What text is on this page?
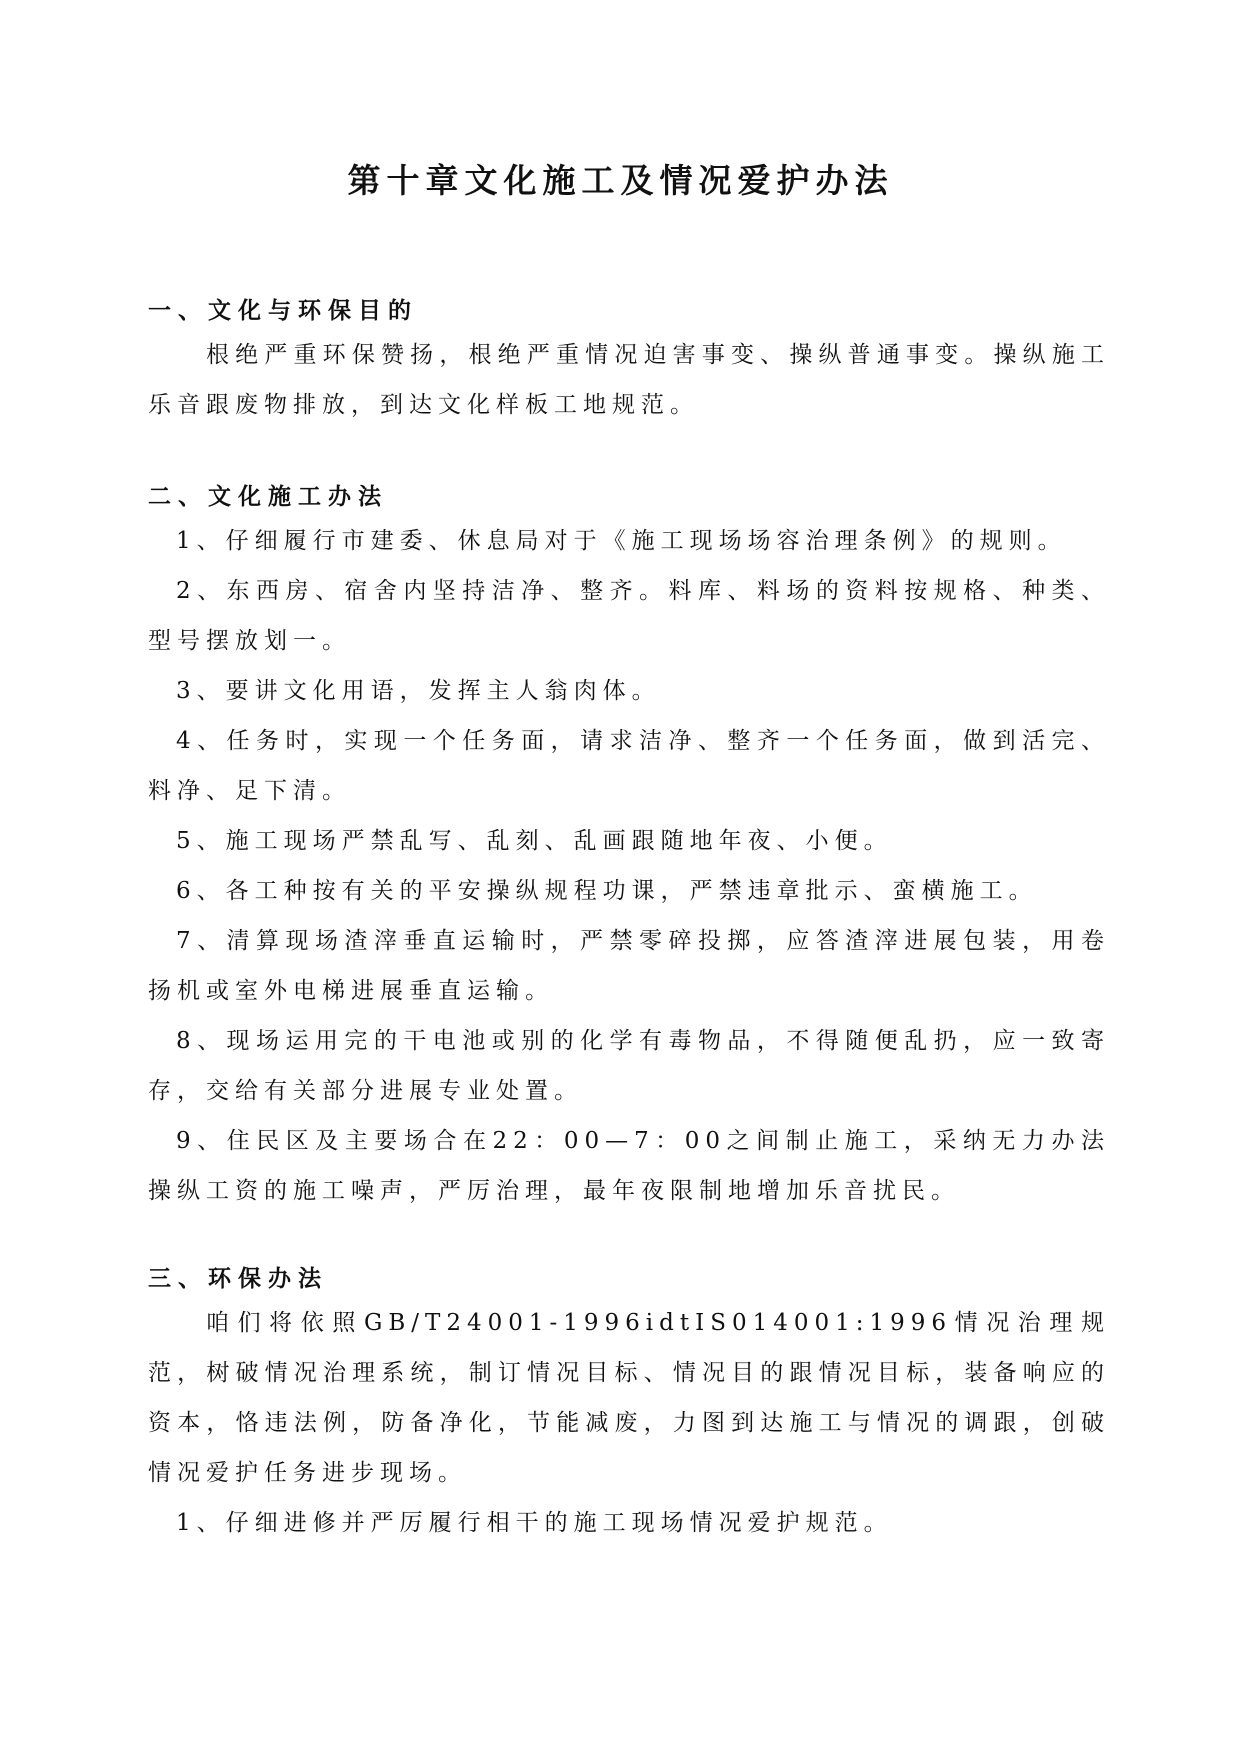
第十章文化施工及情况爱护办法

一、文化与环保目的

根绝严重环保赞扬，根绝严重情况迫害事变、操纵普通事变。操纵施工乐音跟废物排放，到达文化样板工地规范。

二、文化施工办法

1、仔细履行市建委、休息局对于《施工现场场容治理条例》的规则。

2、东西房、宿舍内坚持洁净、整齐。料库、料场的资料按规格、种类、型号摆放划一。

3、要讲文化用语，发挥主人翁肉体。

4、任务时，实现一个任务面，请求洁净、整齐一个任务面，做到活完、料净、足下清。

5、施工现场严禁乱写、乱刻、乱画跟随地年夜、小便。

6、各工种按有关的平安操纵规程功课，严禁违章批示、蛮横施工。

7、清算现场渣滓垂直运输时，严禁零碎投掷，应答渣滓进展包装，用卷扬机或室外电梯进展垂直运输。

8、现场运用完的干电池或别的化学有毒物品，不得随便乱扔，应一致寄存，交给有关部分进展专业处置。

9、住民区及主要场合在22：00—7：00之间制止施工，采纳无力办法操纵工资的施工噪声，严厉治理，最年夜限制地增加乐音扰民。

三、环保办法

咱们将依照GB/T24001-1996idtIS014001:1996情况治理规范，树破情况治理系统，制订情况目标、情况目的跟情况目标，装备响应的资本，恪违法例，防备净化，节能减废，力图到达施工与情况的调跟，创破情况爱护任务进步现场。

1、仔细进修并严厉履行相干的施工现场情况爱护规范。
